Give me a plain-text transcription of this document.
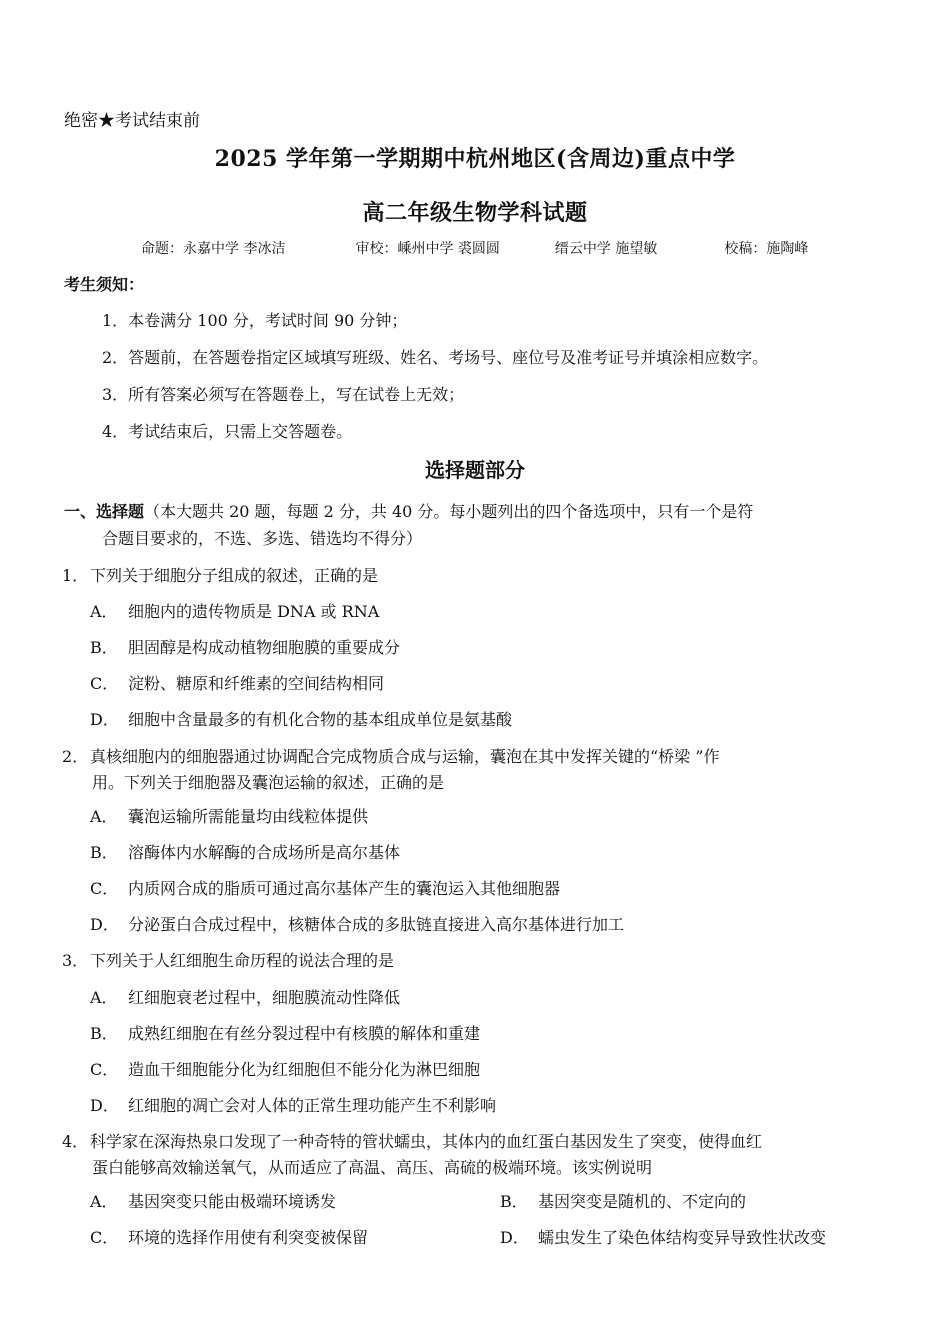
绝密★考试结束前
2025 学年第一学期期中杭州地区(含周边)重点中学
高二年级生物学科试题
命题：永嘉中学 李冰洁	审校：嵊州中学 裘圆圆	缙云中学 施望敏	校稿：施陶峰
考生须知：
1．本卷满分 100 分，考试时间 90 分钟；
2．答题前，在答题卷指定区域填写班级、姓名、考场号、座位号及准考证号并填涂相应数字。
3．所有答案必须写在答题卷上，写在试卷上无效；
4．考试结束后，只需上交答题卷。
选择题部分
一、选择题（本大题共 20 题，每题 2 分，共 40 分。每小题列出的四个备选项中，只有一个是符
合题目要求的，不选、多选、错选均不得分）
1． 下列关于细胞分子组成的叙述，正确的是
A． 细胞内的遗传物质是 DNA 或 RNA
B． 胆固醇是构成动植物细胞膜的重要成分
C． 淀粉、糖原和纤维素的空间结构相同
D． 细胞中含量最多的有机化合物的基本组成单位是氨基酸
2． 真核细胞内的细胞器通过协调配合完成物质合成与运输，囊泡在其中发挥关键的“桥梁 ”作
用。下列关于细胞器及囊泡运输的叙述，正确的是
A． 囊泡运输所需能量均由线粒体提供
B． 溶酶体内水解酶的合成场所是高尔基体
C． 内质网合成的脂质可通过高尔基体产生的囊泡运入其他细胞器
D． 分泌蛋白合成过程中，核糖体合成的多肽链直接进入高尔基体进行加工
3． 下列关于人红细胞生命历程的说法合理的是
A． 红细胞衰老过程中，细胞膜流动性降低
B． 成熟红细胞在有丝分裂过程中有核膜的解体和重建
C． 造血干细胞能分化为红细胞但不能分化为淋巴细胞
D． 红细胞的凋亡会对人体的正常生理功能产生不利影响
4． 科学家在深海热泉口发现了一种奇特的管状蠕虫，其体内的血红蛋白基因发生了突变，使得血红
蛋白能够高效输送氧气，从而适应了高温、高压、高硫的极端环境。该实例说明
A． 基因突变只能由极端环境诱发	B． 基因突变是随机的、不定向的
C． 环境的选择作用使有利突变被保留	D． 蠕虫发生了染色体结构变异导致性状改变
